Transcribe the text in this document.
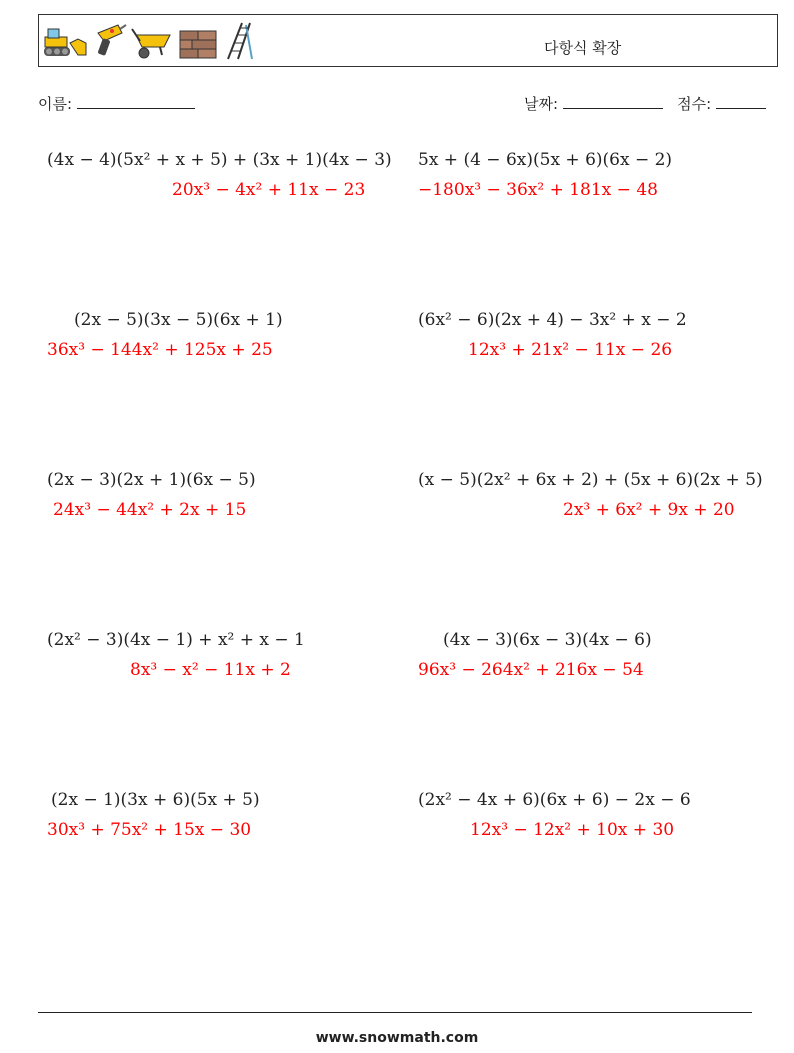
다항식 확장
이름:	날짜:	점수:
(4x − 4)(5x² + x + 5) + (3x + 1)(4x − 3)
20x³ − 4x² + 11x − 23
5x + (4 − 6x)(5x + 6)(6x − 2)
−180x³ − 36x² + 181x − 48
(2x − 5)(3x − 5)(6x + 1)
36x³ − 144x² + 125x + 25
(6x² − 6)(2x + 4) − 3x² + x − 2
12x³ + 21x² − 11x − 26
(2x − 3)(2x + 1)(6x − 5)
24x³ − 44x² + 2x + 15
(x − 5)(2x² + 6x + 2) + (5x + 6)(2x + 5)
2x³ + 6x² + 9x + 20
(2x² − 3)(4x − 1) + x² + x − 1
8x³ − x² − 11x + 2
(4x − 3)(6x − 3)(4x − 6)
96x³ − 264x² + 216x − 54
(2x − 1)(3x + 6)(5x + 5)
30x³ + 75x² + 15x − 30
(2x² − 4x + 6)(6x + 6) − 2x − 6
12x³ − 12x² + 10x + 30
www.snowmath.com
